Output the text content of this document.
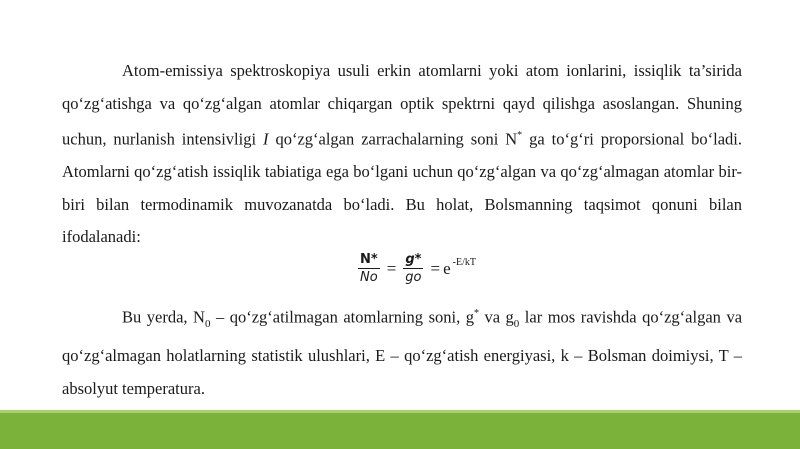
Atom-emissiya spektroskopiya usuli erkin atomlarni yoki atom ionlarini, issiqlik ta’sirida qo‘zg‘atishga va qo‘zg‘algan atomlar chiqargan optik spektrni qayd qilishga asoslangan. Shuning uchun, nurlanish intensivligi I qo‘zg‘algan zarrachalarning soni N* ga to‘g‘ri proporsional bo‘ladi. Atomlarni qo‘zg‘atish issiqlik tabiatiga ega bo‘lgani uchun qo‘zg‘algan va qo‘zg‘almagan atomlar bir-biri bilan termodinamik muvozanatda bo‘ladi. Bu holat, Bolsmanning taqsimot qonuni bilan ifodalanadi:

$\frac{N*}{No} = \frac{g*}{go} = e$ -E/kT

Bu yerda, $N_0$ – qo‘zg‘atilmagan atomlarning soni, g* va $g_0$ lar mos ravishda qo‘zg‘algan va qo‘zg‘almagan holatlarning statistik ulushlari, E – qo‘zg‘atish energiyasi, k – Bolsman doimiysi, T – absolyut temperatura.
